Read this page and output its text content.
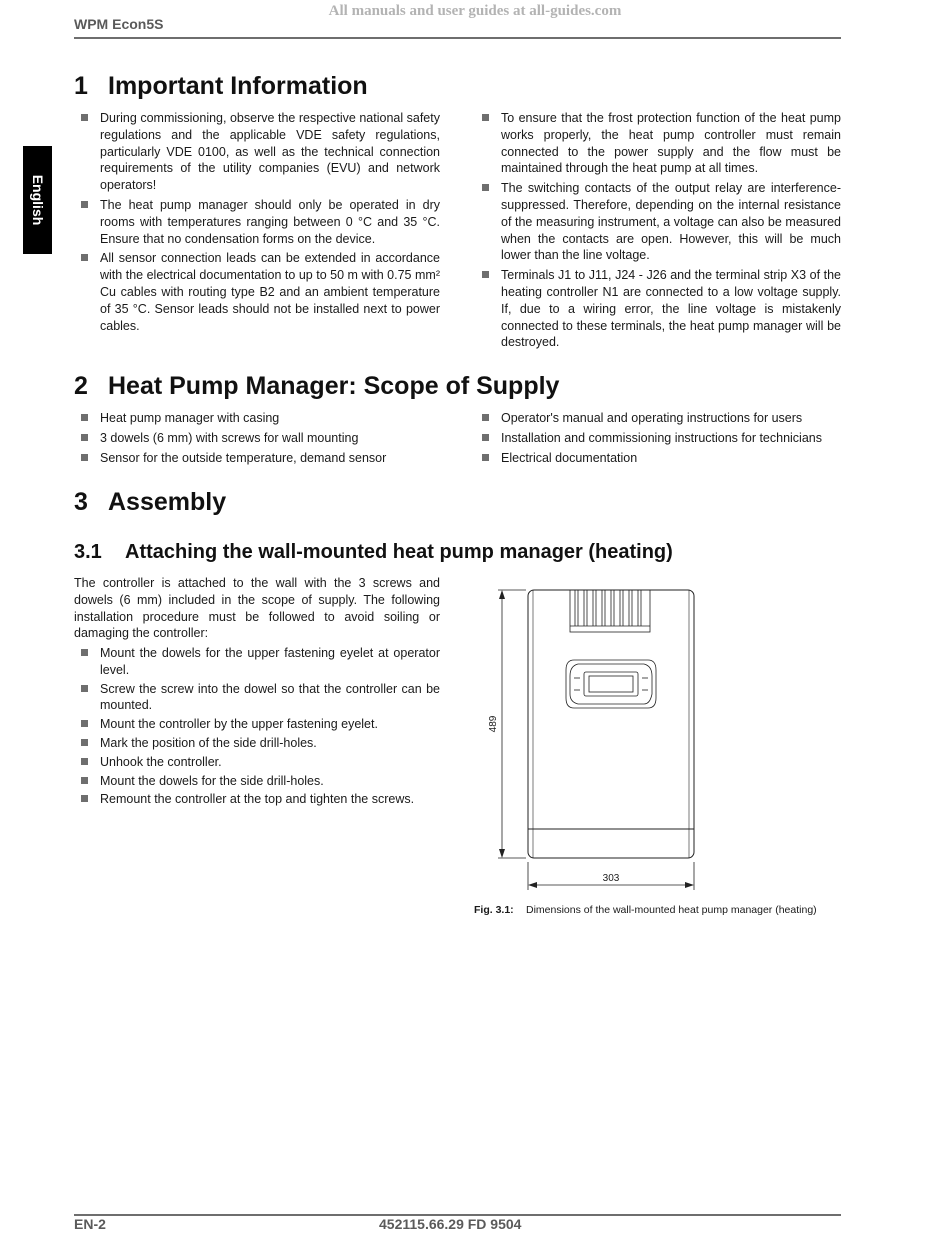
All manuals and user guides at all-guides.com
WPM Econ5S
English
1 Important Information
During commissioning, observe the respective national safety regulations and the applicable VDE safety regulations, particularly VDE 0100, as well as the technical connection requirements of the utility companies (EVU) and network operators!
The heat pump manager should only be operated in dry rooms with temperatures ranging between 0 °C and 35 °C. Ensure that no condensation forms on the device.
All sensor connection leads can be extended in accordance with the electrical documentation to up to 50 m with 0.75 mm² Cu cables with routing type B2 and an ambient temperature of 35 °C. Sensor leads should not be installed next to power cables.
To ensure that the frost protection function of the heat pump works properly, the heat pump controller must remain connected to the power supply and the flow must be maintained through the heat pump at all times.
The switching contacts of the output relay are interference-suppressed. Therefore, depending on the internal resistance of the measuring instrument, a voltage can also be measured when the contacts are open. However, this will be much lower than the line voltage.
Terminals J1 to J11, J24 - J26 and the terminal strip X3 of the heating controller N1 are connected to a low voltage supply. If, due to a wiring error, the line voltage is mistakenly connected to these terminals, the heat pump manager will be destroyed.
2 Heat Pump Manager: Scope of Supply
Heat pump manager with casing
3 dowels (6 mm) with screws for wall mounting
Sensor for the outside temperature, demand sensor
Operator's manual and operating instructions for users
Installation and commissioning instructions for technicians
Electrical documentation
3 Assembly
3.1 Attaching the wall-mounted heat pump manager (heating)

The controller is attached to the wall with the 3 screws and dowels (6 mm) included in the scope of supply. The following installation procedure must be followed to avoid soiling or damaging the controller:

Mount the dowels for the upper fastening eyelet at operator level.
Screw the screw into the dowel so that the controller can be mounted.
Mount the controller by the upper fastening eyelet.
Mark the position of the side drill-holes.
Unhook the controller.
Mount the dowels for the side drill-holes.
Remount the controller at the top and tighten the screws.
489
303
Fig. 3.1: Dimensions of the wall-mounted heat pump manager (heating)
EN-2	452115.66.29 FD 9504
